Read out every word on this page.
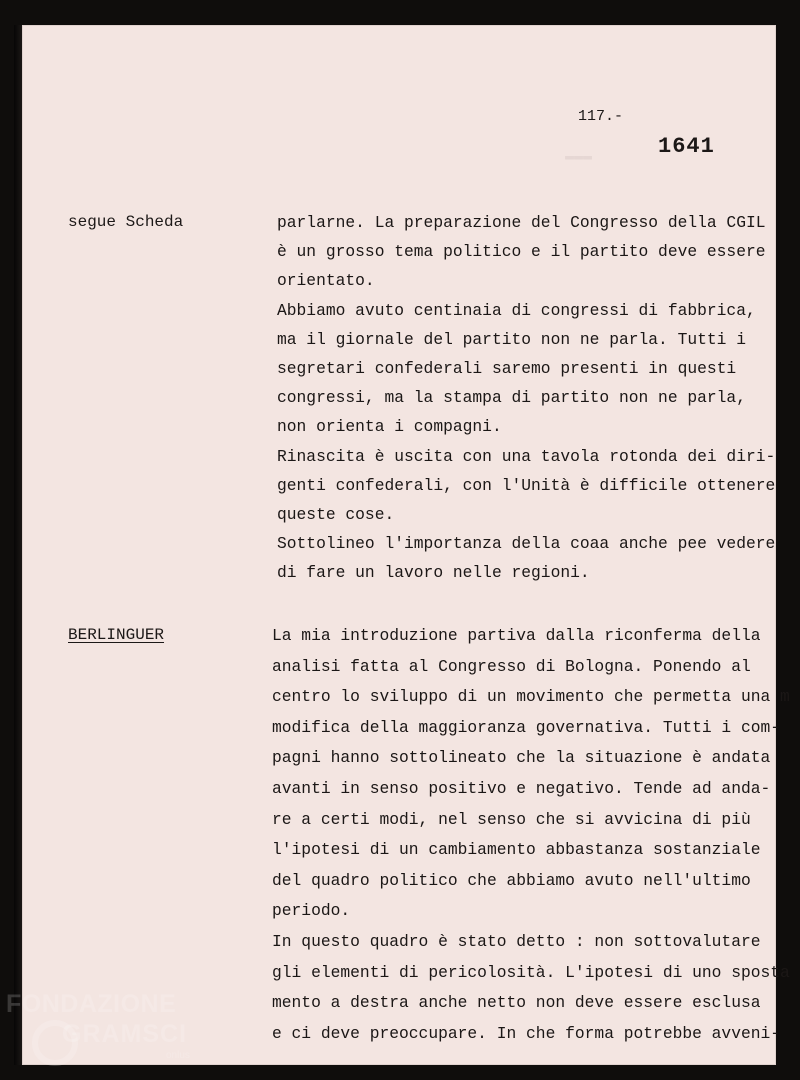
▬▬▬
117.-
1641
segue Scheda	parlarne. La preparazione del Congresso della CGIL
è un grosso tema politico e il partito deve essere
orientato.
Abbiamo avuto centinaia di congressi di fabbrica,
ma il giornale del partito non ne parla. Tutti i
segretari confederali saremo presenti in questi
congressi, ma la stampa di partito non ne parla,
non orienta i compagni.
Rinascita è uscita con una tavola rotonda dei diri-
genti confederali, con l'Unità è difficile ottenere
queste cose.
Sottolineo l'importanza della coaa anche pee vedere
di fare un lavoro nelle regioni.
BERLINGUER	La mia introduzione partiva dalla riconferma della
analisi fatta al Congresso di Bologna. Ponendo al
centro lo sviluppo di un movimento che permetta una m
modifica della maggioranza governativa. Tutti i com-
pagni hanno sottolineato che la situazione è andata
avanti in senso positivo e negativo. Tende ad anda-
re a certi modi, nel senso che si avvicina di più
l'ipotesi di un cambiamento abbastanza sostanziale
del quadro politico che abbiamo avuto nell'ultimo
periodo.
In questo quadro è stato detto : non sottovalutare
gli elementi di pericolosità. L'ipotesi di uno sposta
mento a destra anche netto non deve essere esclusa
e ci deve preoccupare. In che forma potrebbe avveni-
FONDAZIONE
GRAMSCI
onlus
